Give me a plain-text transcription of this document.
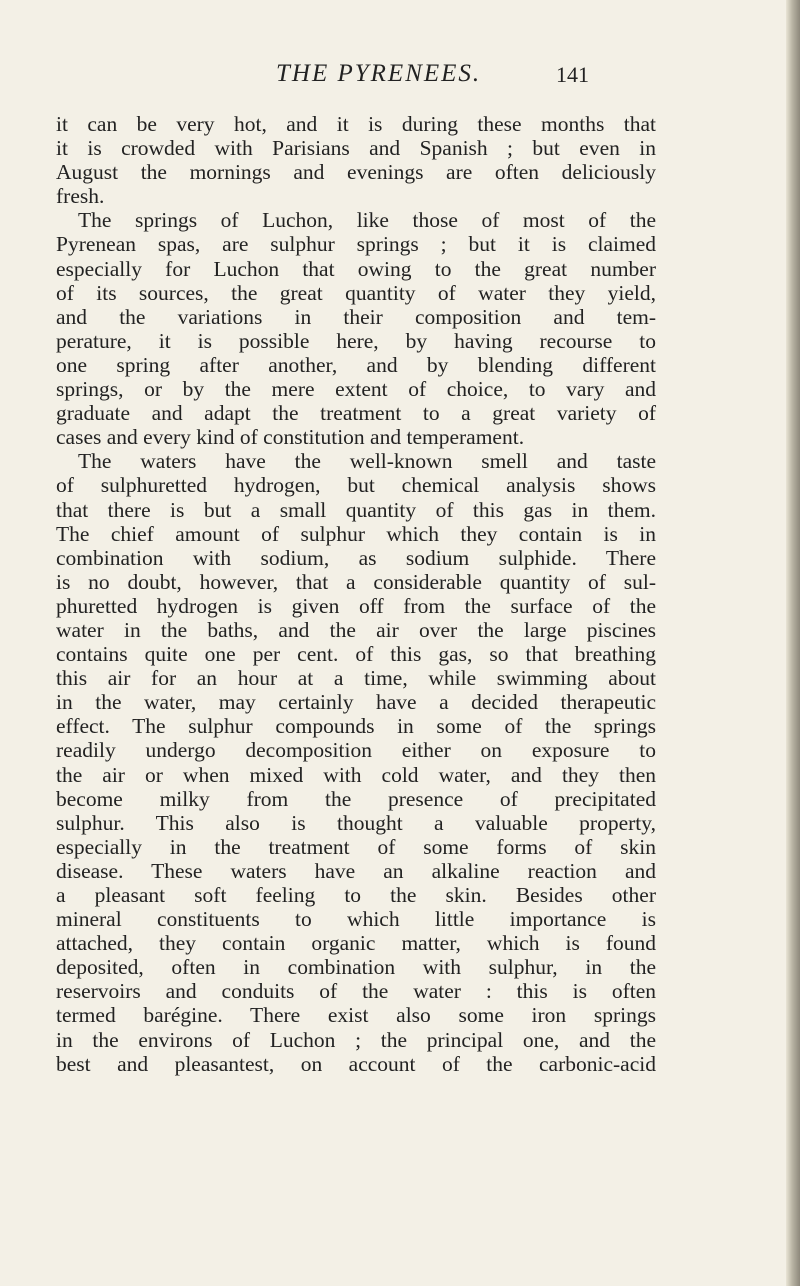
THE PYRENEES.	141
it can be very hot, and it is during these months that
it is crowded with Parisians and Spanish ; but even in
August the mornings and evenings are often deliciously
fresh.
The springs of Luchon, like those of most of the
Pyrenean spas, are sulphur springs ; but it is claimed
especially for Luchon that owing to the great number
of its sources, the great quantity of water they yield,
and the variations in their composition and tem-
perature, it is possible here, by having recourse to
one spring after another, and by blending different
springs, or by the mere extent of choice, to vary and
graduate and adapt the treatment to a great variety of
cases and every kind of constitution and temperament.
The waters have the well-known smell and taste
of sulphuretted hydrogen, but chemical analysis shows
that there is but a small quantity of this gas in them.
The chief amount of sulphur which they contain is in
combination with sodium, as sodium sulphide. There
is no doubt, however, that a considerable quantity of sul-
phuretted hydrogen is given off from the surface of the
water in the baths, and the air over the large piscines
contains quite one per cent. of this gas, so that breathing
this air for an hour at a time, while swimming about
in the water, may certainly have a decided therapeutic
effect. The sulphur compounds in some of the springs
readily undergo decomposition either on exposure to
the air or when mixed with cold water, and they then
become milky from the presence of precipitated
sulphur. This also is thought a valuable property,
especially in the treatment of some forms of skin
disease. These waters have an alkaline reaction and
a pleasant soft feeling to the skin. Besides other
mineral constituents to which little importance is
attached, they contain organic matter, which is found
deposited, often in combination with sulphur, in the
reservoirs and conduits of the water : this is often
termed barégine. There exist also some iron springs
in the environs of Luchon ; the principal one, and the
best and pleasantest, on account of the carbonic-acid
